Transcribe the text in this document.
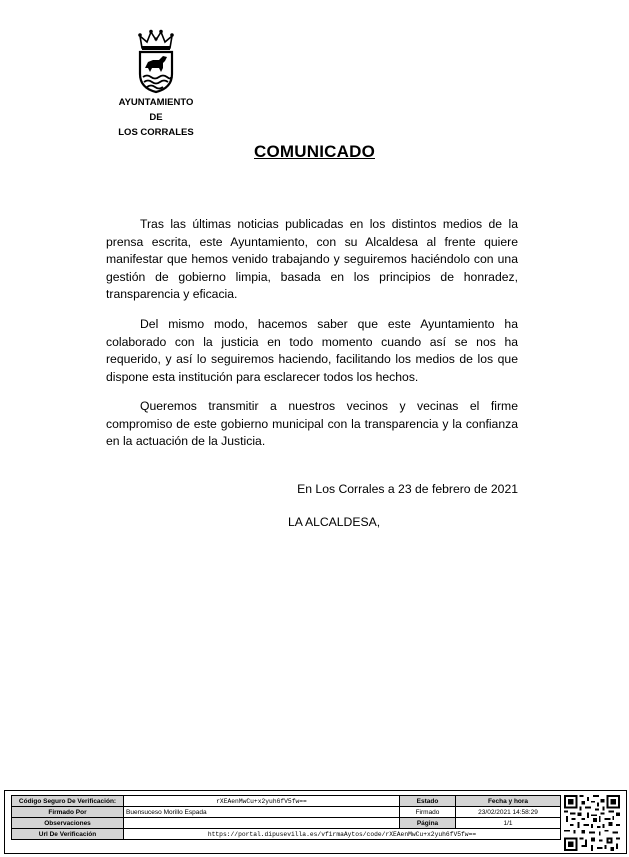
AYUNTAMIENTO
DE
LOS CORRALES
COMUNICADO

Tras las últimas noticias publicadas en los distintos medios de la prensa escrita, este Ayuntamiento, con su Alcaldesa al frente quiere manifestar que hemos venido trabajando y seguiremos haciéndolo con una gestión de gobierno limpia, basada en los principios de honradez, transparencia y eficacia.

Del mismo modo, hacemos saber que este Ayuntamiento ha colaborado con la justicia en todo momento cuando así se nos ha requerido, y así lo seguiremos haciendo, facilitando los medios de los que dispone esta institución para esclarecer todos los hechos.

Queremos transmitir a nuestros vecinos y vecinas el firme compromiso de este gobierno municipal con la transparencia y la confianza en la actuación de la Justicia.

En Los Corrales a 23 de febrero de 2021
LA ALCALDESA,
Código Seguro De Verificación:	rXEAenMwCu+x2yuh6fV5fw==	Estado	Fecha y hora
Firmado Por	Buensuceso Morillo Espada	Firmado	23/02/2021 14:58:29
Observaciones		Página	1/1
Url De Verificación	https://portal.dipusevilla.es/vfirmaAytos/code/rXEAenMwCu+x2yuh6fV5fw==		
